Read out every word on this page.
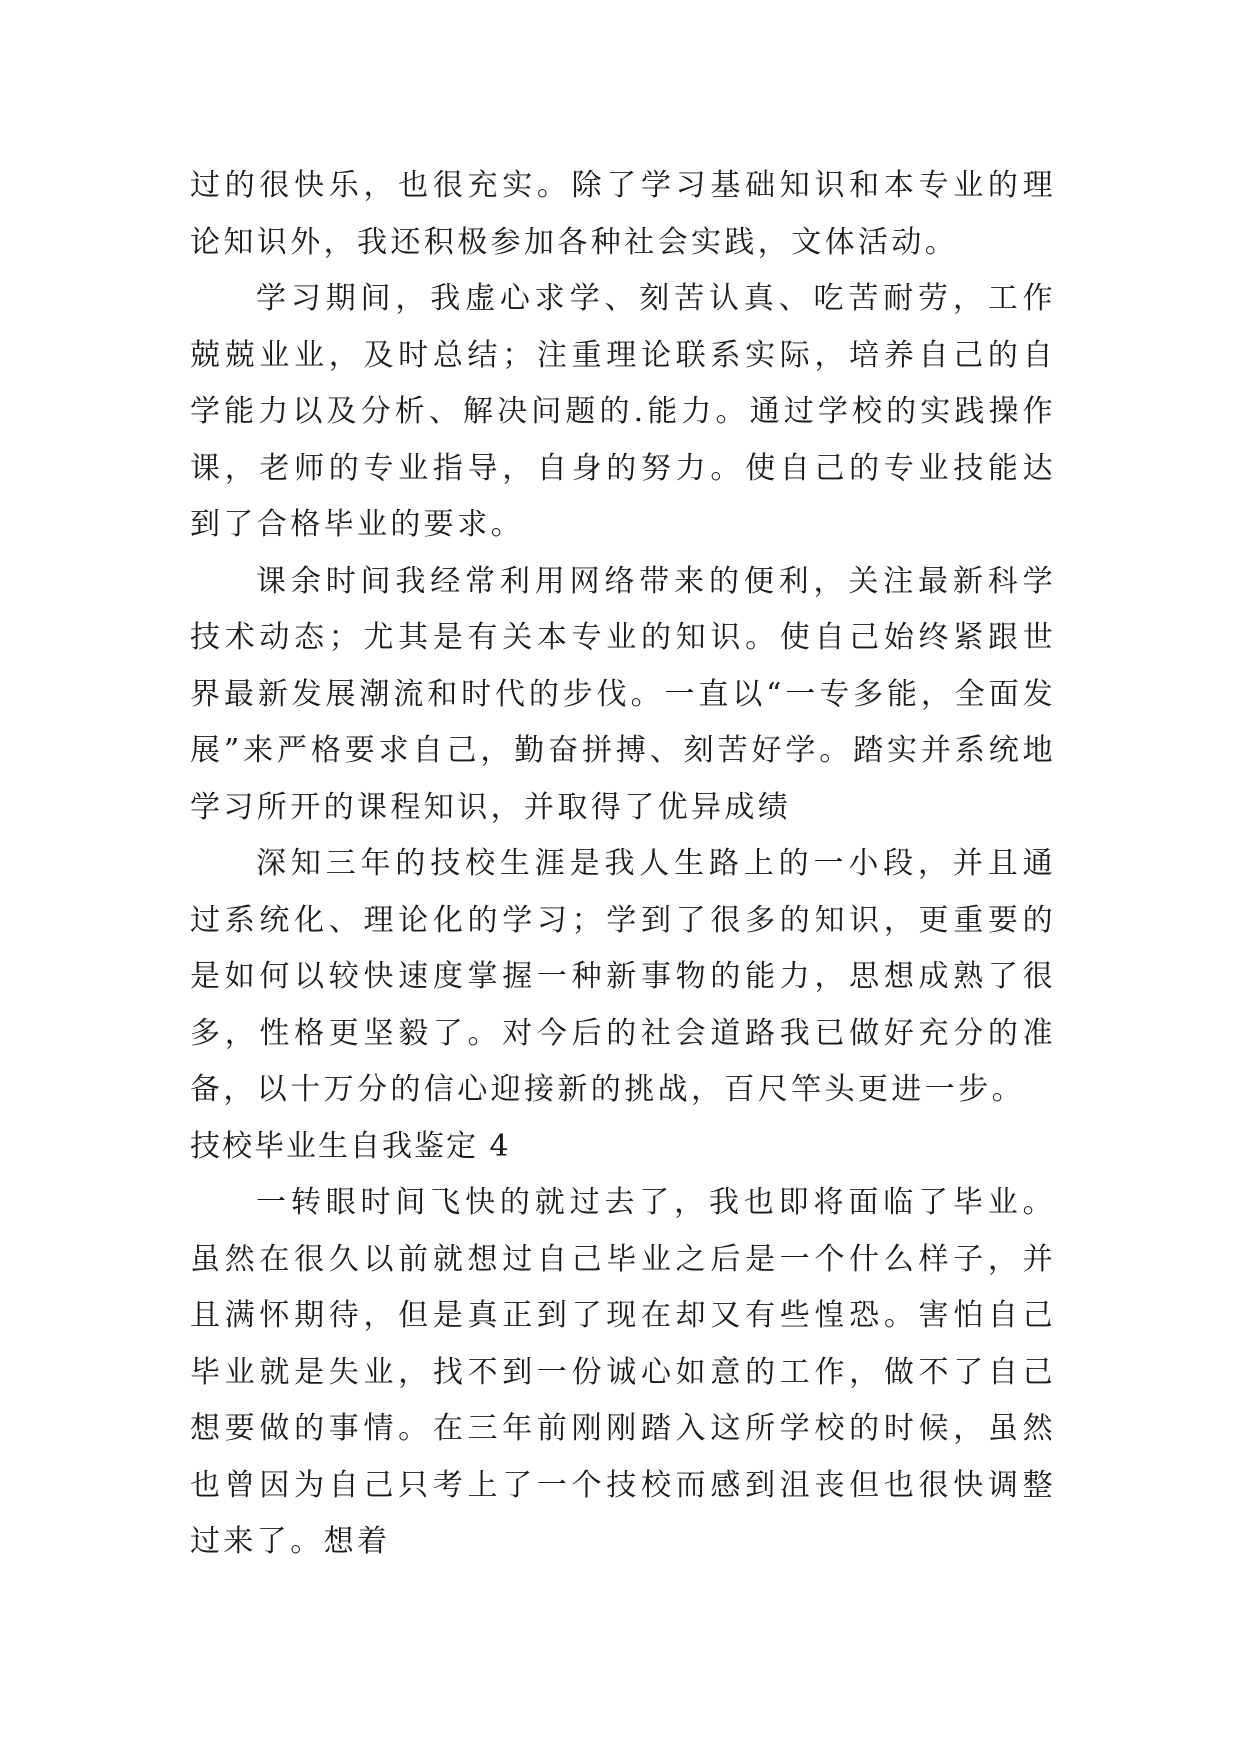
过的很快乐，也很充实。除了学习基础知识和本专业的理论知识外，我还积极参加各种社会实践，文体活动。

学习期间，我虚心求学、刻苦认真、吃苦耐劳，工作兢兢业业，及时总结；注重理论联系实际，培养自己的自学能力以及分析、解决问题的.能力。通过学校的实践操作课，老师的专业指导，自身的努力。使自己的专业技能达到了合格毕业的要求。

课余时间我经常利用网络带来的便利，关注最新科学技术动态；尤其是有关本专业的知识。使自己始终紧跟世界最新发展潮流和时代的步伐。一直以“一专多能，全面发展”来严格要求自己，勤奋拼搏、刻苦好学。踏实并系统地学习所开的课程知识，并取得了优异成绩

深知三年的技校生涯是我人生路上的一小段，并且通过系统化、理论化的学习；学到了很多的知识，更重要的是如何以较快速度掌握一种新事物的能力，思想成熟了很多，性格更坚毅了。对今后的社会道路我已做好充分的准备，以十万分的信心迎接新的挑战，百尺竿头更进一步。

技校毕业生自我鉴定 4

一转眼时间飞快的就过去了，我也即将面临了毕业。虽然在很久以前就想过自己毕业之后是一个什么样子，并且满怀期待，但是真正到了现在却又有些惶恐。害怕自己毕业就是失业，找不到一份诚心如意的工作，做不了自己想要做的事情。在三年前刚刚踏入这所学校的时候，虽然也曾因为自己只考上了一个技校而感到沮丧但也很快调整过来了。想着
